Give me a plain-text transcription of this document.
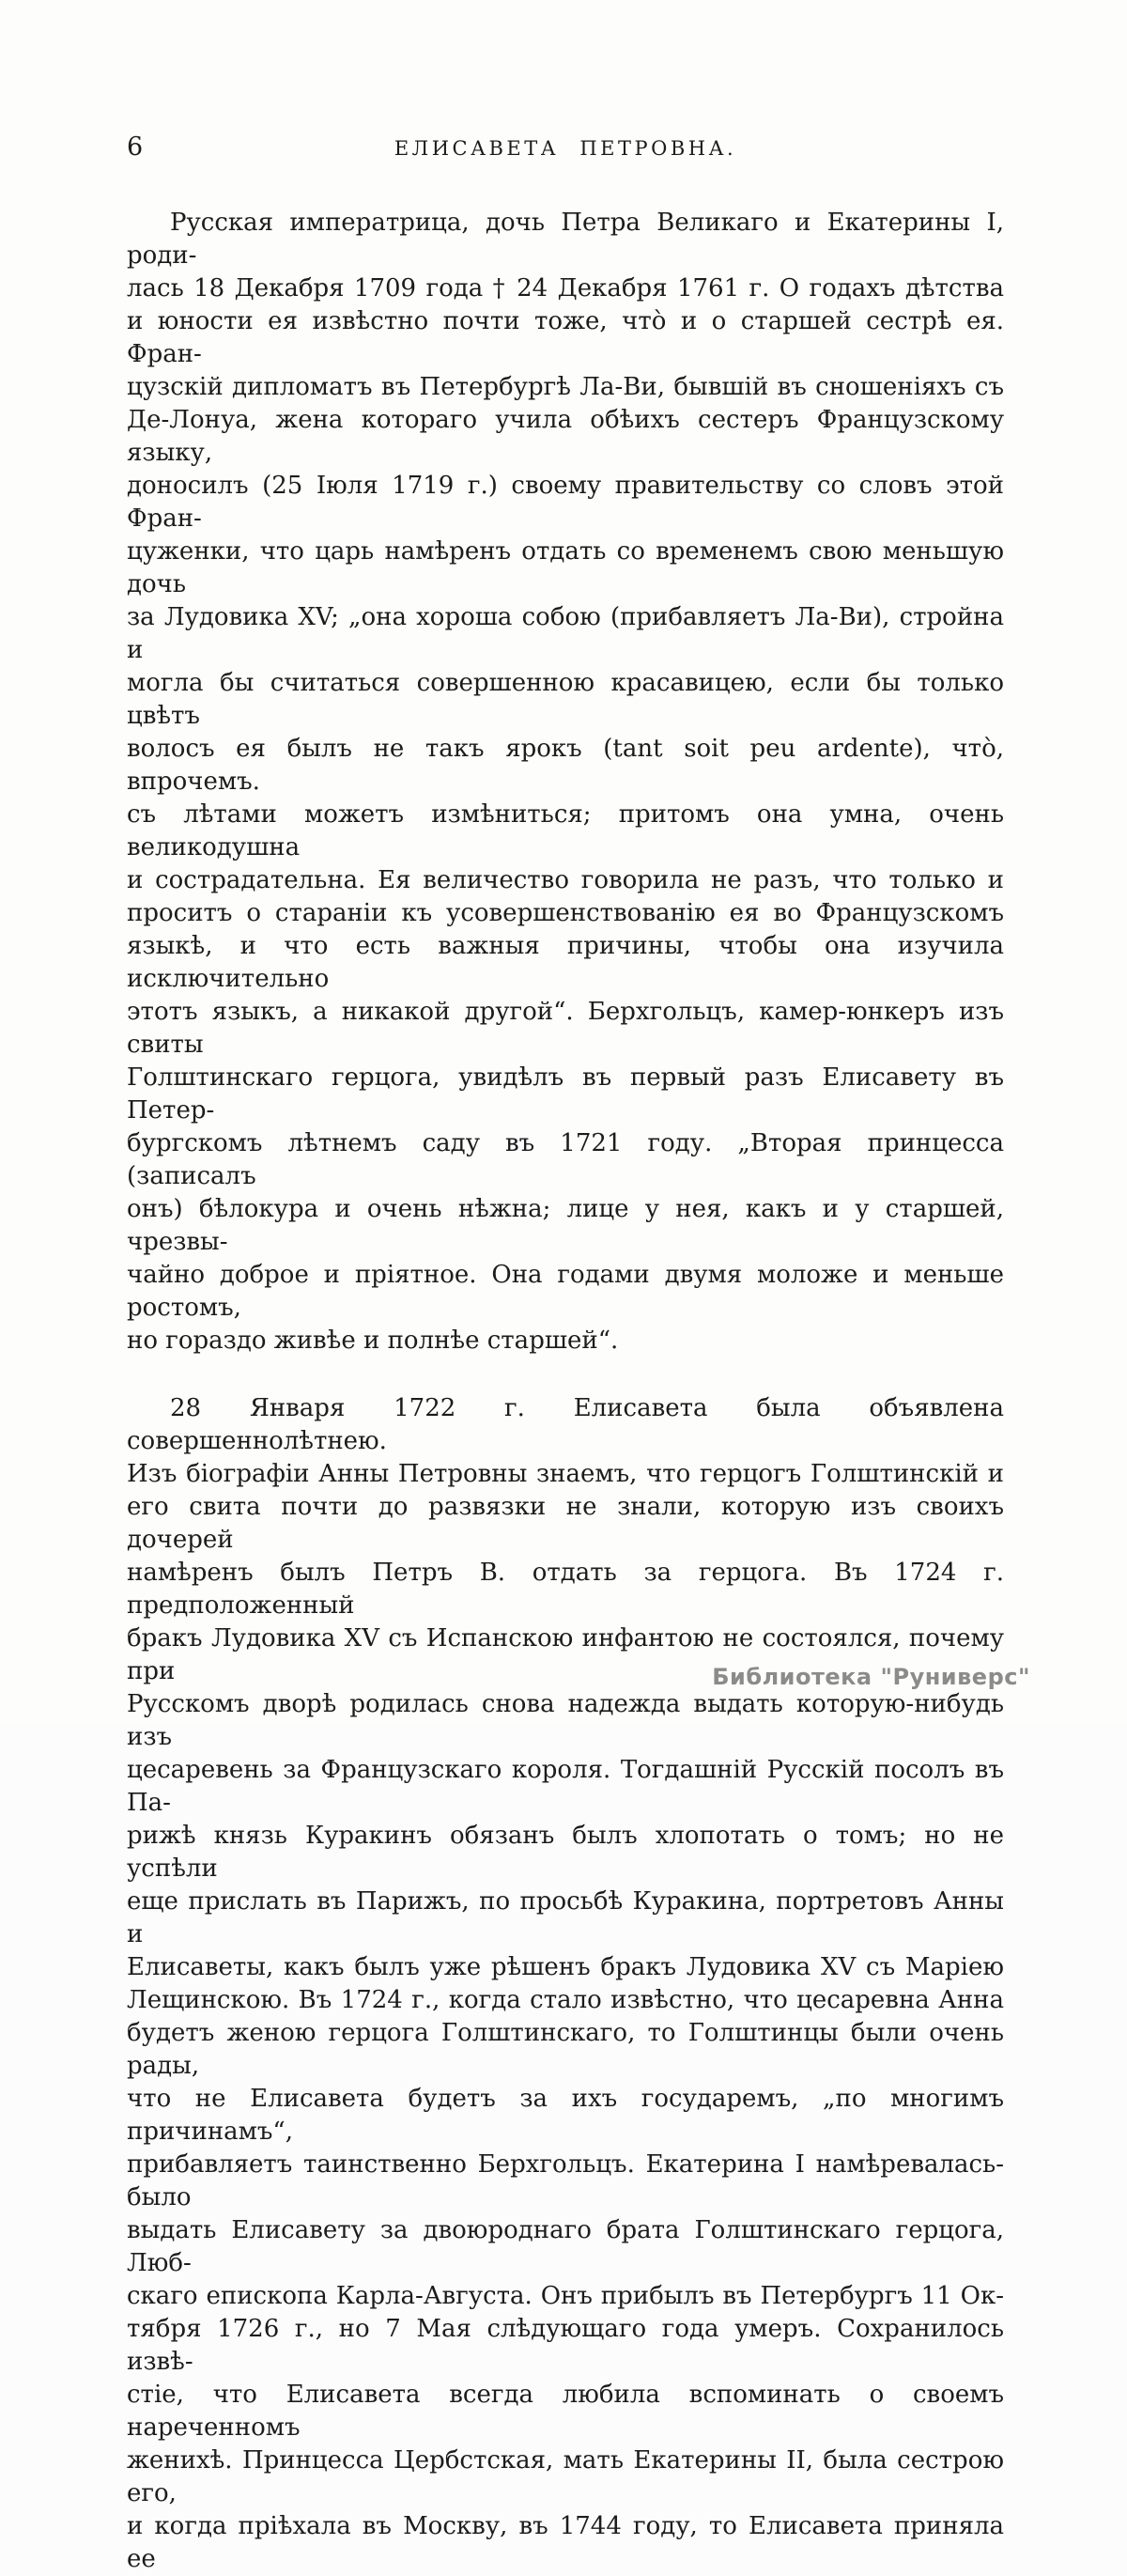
6	ЕЛИСАВЕТА ПЕТРОВНА.
Русская императрица, дочь Петра Великаго и Екатерины I, роди-
лась 18 Декабря 1709 года † 24 Декабря 1761 г. О годахъ дѣтства
и юности ея извѣстно почти тоже, что̀ и о старшей сестрѣ ея. Фран-
цузскій дипломатъ въ Петербургѣ Ла-Ви, бывшій въ сношеніяхъ съ
Де-Лонуа, жена котораго учила обѣихъ сестеръ Французскому языку,
доносилъ (25 Іюля 1719 г.) своему правительству со словъ этой Фран-
цуженки, что царь намѣренъ отдать со временемъ свою меньшую дочь
за Лудовика XV; „она хороша собою (прибавляетъ Ла-Ви), стройна и
могла бы считаться совершенною красавицею, если бы только цвѣтъ
волосъ ея былъ не такъ ярокъ (tant soit peu ardente), что̀, впрочемъ.
съ лѣтами можетъ измѣниться; притомъ она умна, очень великодушна
и сострадательна. Ея величество говорила не разъ, что только и
проситъ о стараніи къ усовершенствованію ея во Французскомъ
языкѣ, и что есть важныя причины, чтобы она изучила исключительно
этотъ языкъ, а никакой другой“. Берхгольцъ, камер-юнкеръ изъ свиты
Голштинскаго герцога, увидѣлъ въ первый разъ Елисавету въ Петер-
бургскомъ лѣтнемъ саду въ 1721 году. „Вторая принцесса (записалъ
онъ) бѣлокура и очень нѣжна; лице у нея, какъ и у старшей, чрезвы-
чайно доброе и пріятное. Она годами двумя моложе и меньше ростомъ,
но гораздо живѣе и полнѣе старшей“.
28 Января 1722 г. Елисавета была объявлена совершеннолѣтнею.
Изъ біографіи Анны Петровны знаемъ, что герцогъ Голштинскій и
его свита почти до развязки не знали, которую изъ своихъ дочерей
намѣренъ былъ Петръ В. отдать за герцога. Въ 1724 г. предположенный
бракъ Лудовика XV съ Испанскою инфантою не состоялся, почему при
Русскомъ дворѣ родилась снова надежда выдать которую-нибудь изъ
цесаревень за Французскаго короля. Тогдашній Русскій посолъ въ Па-
рижѣ князь Куракинъ обязанъ былъ хлопотать о томъ; но не успѣли
еще прислать въ Парижъ, по просьбѣ Куракина, портретовъ Анны и
Елисаветы, какъ былъ уже рѣшенъ бракъ Лудовика XV съ Маріею
Лещинскою. Въ 1724 г., когда стало извѣстно, что цесаревна Анна
будетъ женою герцога Голштинскаго, то Голштинцы были очень рады,
что не Елисавета будетъ за ихъ государемъ, „по многимъ причинамъ“,
прибавляетъ таинственно Берхгольцъ. Екатерина I намѣревалась-было
выдать Елисавету за двоюроднаго брата Голштинскаго герцога, Люб-
скаго епископа Карла-Августа. Онъ прибылъ въ Петербургъ 11 Ок-
тября 1726 г., но 7 Мая слѣдующаго года умеръ. Сохранилось извѣ-
стіе, что Елисавета всегда любила вспоминать о своемъ нареченномъ
женихѣ. Принцесса Цербстская, мать Екатерины II, была сестрою его,
и когда пріѣхала въ Москву, въ 1744 году, то Елисавета приняла ее
Библиотека "Руниверс"
